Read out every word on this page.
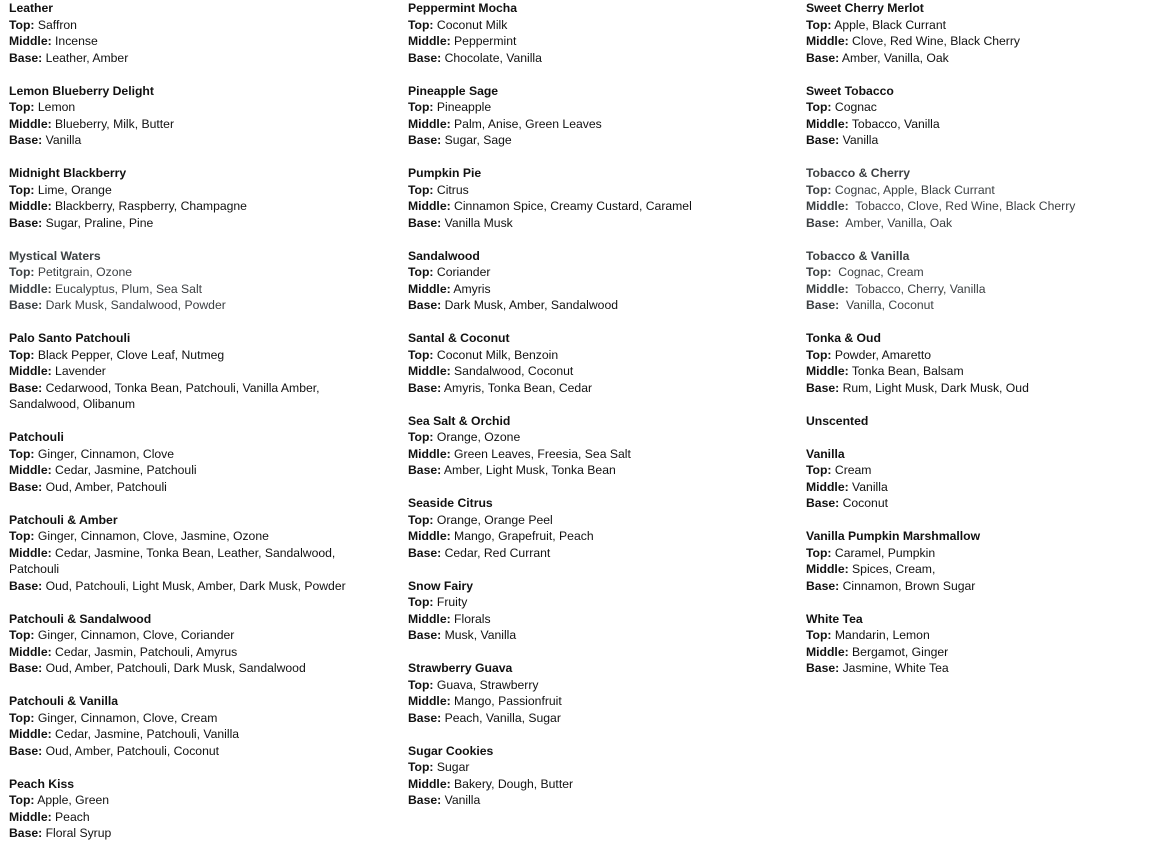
Leather
Top: Saffron
Middle: Incense
Base: Leather, Amber
Lemon Blueberry Delight
Top: Lemon
Middle: Blueberry, Milk, Butter
Base: Vanilla
Midnight Blackberry
Top: Lime, Orange
Middle: Blackberry, Raspberry, Champagne
Base: Sugar, Praline, Pine
Mystical Waters
Top: Petitgrain, Ozone
Middle: Eucalyptus, Plum, Sea Salt
Base: Dark Musk, Sandalwood, Powder
Palo Santo Patchouli
Top: Black Pepper, Clove Leaf, Nutmeg
Middle: Lavender
Base: Cedarwood, Tonka Bean, Patchouli, Vanilla Amber, Sandalwood, Olibanum
Patchouli
Top: Ginger, Cinnamon, Clove
Middle: Cedar, Jasmine, Patchouli
Base: Oud, Amber, Patchouli
Patchouli & Amber
Top: Ginger, Cinnamon, Clove, Jasmine, Ozone
Middle: Cedar, Jasmine, Tonka Bean, Leather, Sandalwood, Patchouli
Base: Oud, Patchouli, Light Musk, Amber, Dark Musk, Powder
Patchouli & Sandalwood
Top: Ginger, Cinnamon, Clove, Coriander
Middle: Cedar, Jasmin, Patchouli, Amyrus
Base: Oud, Amber, Patchouli, Dark Musk, Sandalwood
Patchouli & Vanilla
Top: Ginger, Cinnamon, Clove, Cream
Middle: Cedar, Jasmine, Patchouli, Vanilla
Base: Oud, Amber, Patchouli, Coconut
Peach Kiss
Top: Apple, Green
Middle: Peach
Base: Floral Syrup
Peppermint Mocha
Top: Coconut Milk
Middle: Peppermint
Base: Chocolate, Vanilla
Pineapple Sage
Top: Pineapple
Middle: Palm, Anise, Green Leaves
Base: Sugar, Sage
Pumpkin Pie
Top: Citrus
Middle: Cinnamon Spice, Creamy Custard, Caramel
Base: Vanilla Musk
Sandalwood
Top: Coriander
Middle: Amyris
Base: Dark Musk, Amber, Sandalwood
Santal & Coconut
Top: Coconut Milk, Benzoin
Middle: Sandalwood, Coconut
Base: Amyris, Tonka Bean, Cedar
Sea Salt & Orchid
Top: Orange, Ozone
Middle: Green Leaves, Freesia, Sea Salt
Base: Amber, Light Musk, Tonka Bean
Seaside Citrus
Top: Orange, Orange Peel
Middle: Mango, Grapefruit, Peach
Base: Cedar, Red Currant
Snow Fairy
Top: Fruity
Middle: Florals
Base: Musk, Vanilla
Strawberry Guava
Top: Guava, Strawberry
Middle: Mango, Passionfruit
Base: Peach, Vanilla, Sugar
Sugar Cookies
Top: Sugar
Middle: Bakery, Dough, Butter
Base: Vanilla
Sweet Cherry Merlot
Top: Apple, Black Currant
Middle: Clove, Red Wine, Black Cherry
Base: Amber, Vanilla, Oak
Sweet Tobacco
Top: Cognac
Middle: Tobacco, Vanilla
Base: Vanilla
Tobacco & Cherry
Top: Cognac, Apple, Black Currant
Middle:  Tobacco, Clove, Red Wine, Black Cherry
Base:  Amber, Vanilla, Oak
Tobacco & Vanilla
Top:  Cognac, Cream
Middle:  Tobacco, Cherry, Vanilla
Base:  Vanilla, Coconut
Tonka & Oud
Top: Powder, Amaretto
Middle: Tonka Bean, Balsam
Base: Rum, Light Musk, Dark Musk, Oud
Unscented
Vanilla
Top: Cream
Middle: Vanilla
Base: Coconut
Vanilla Pumpkin Marshmallow
Top: Caramel, Pumpkin
Middle: Spices, Cream,
Base: Cinnamon, Brown Sugar
White Tea
Top: Mandarin, Lemon
Middle: Bergamot, Ginger
Base: Jasmine, White Tea
